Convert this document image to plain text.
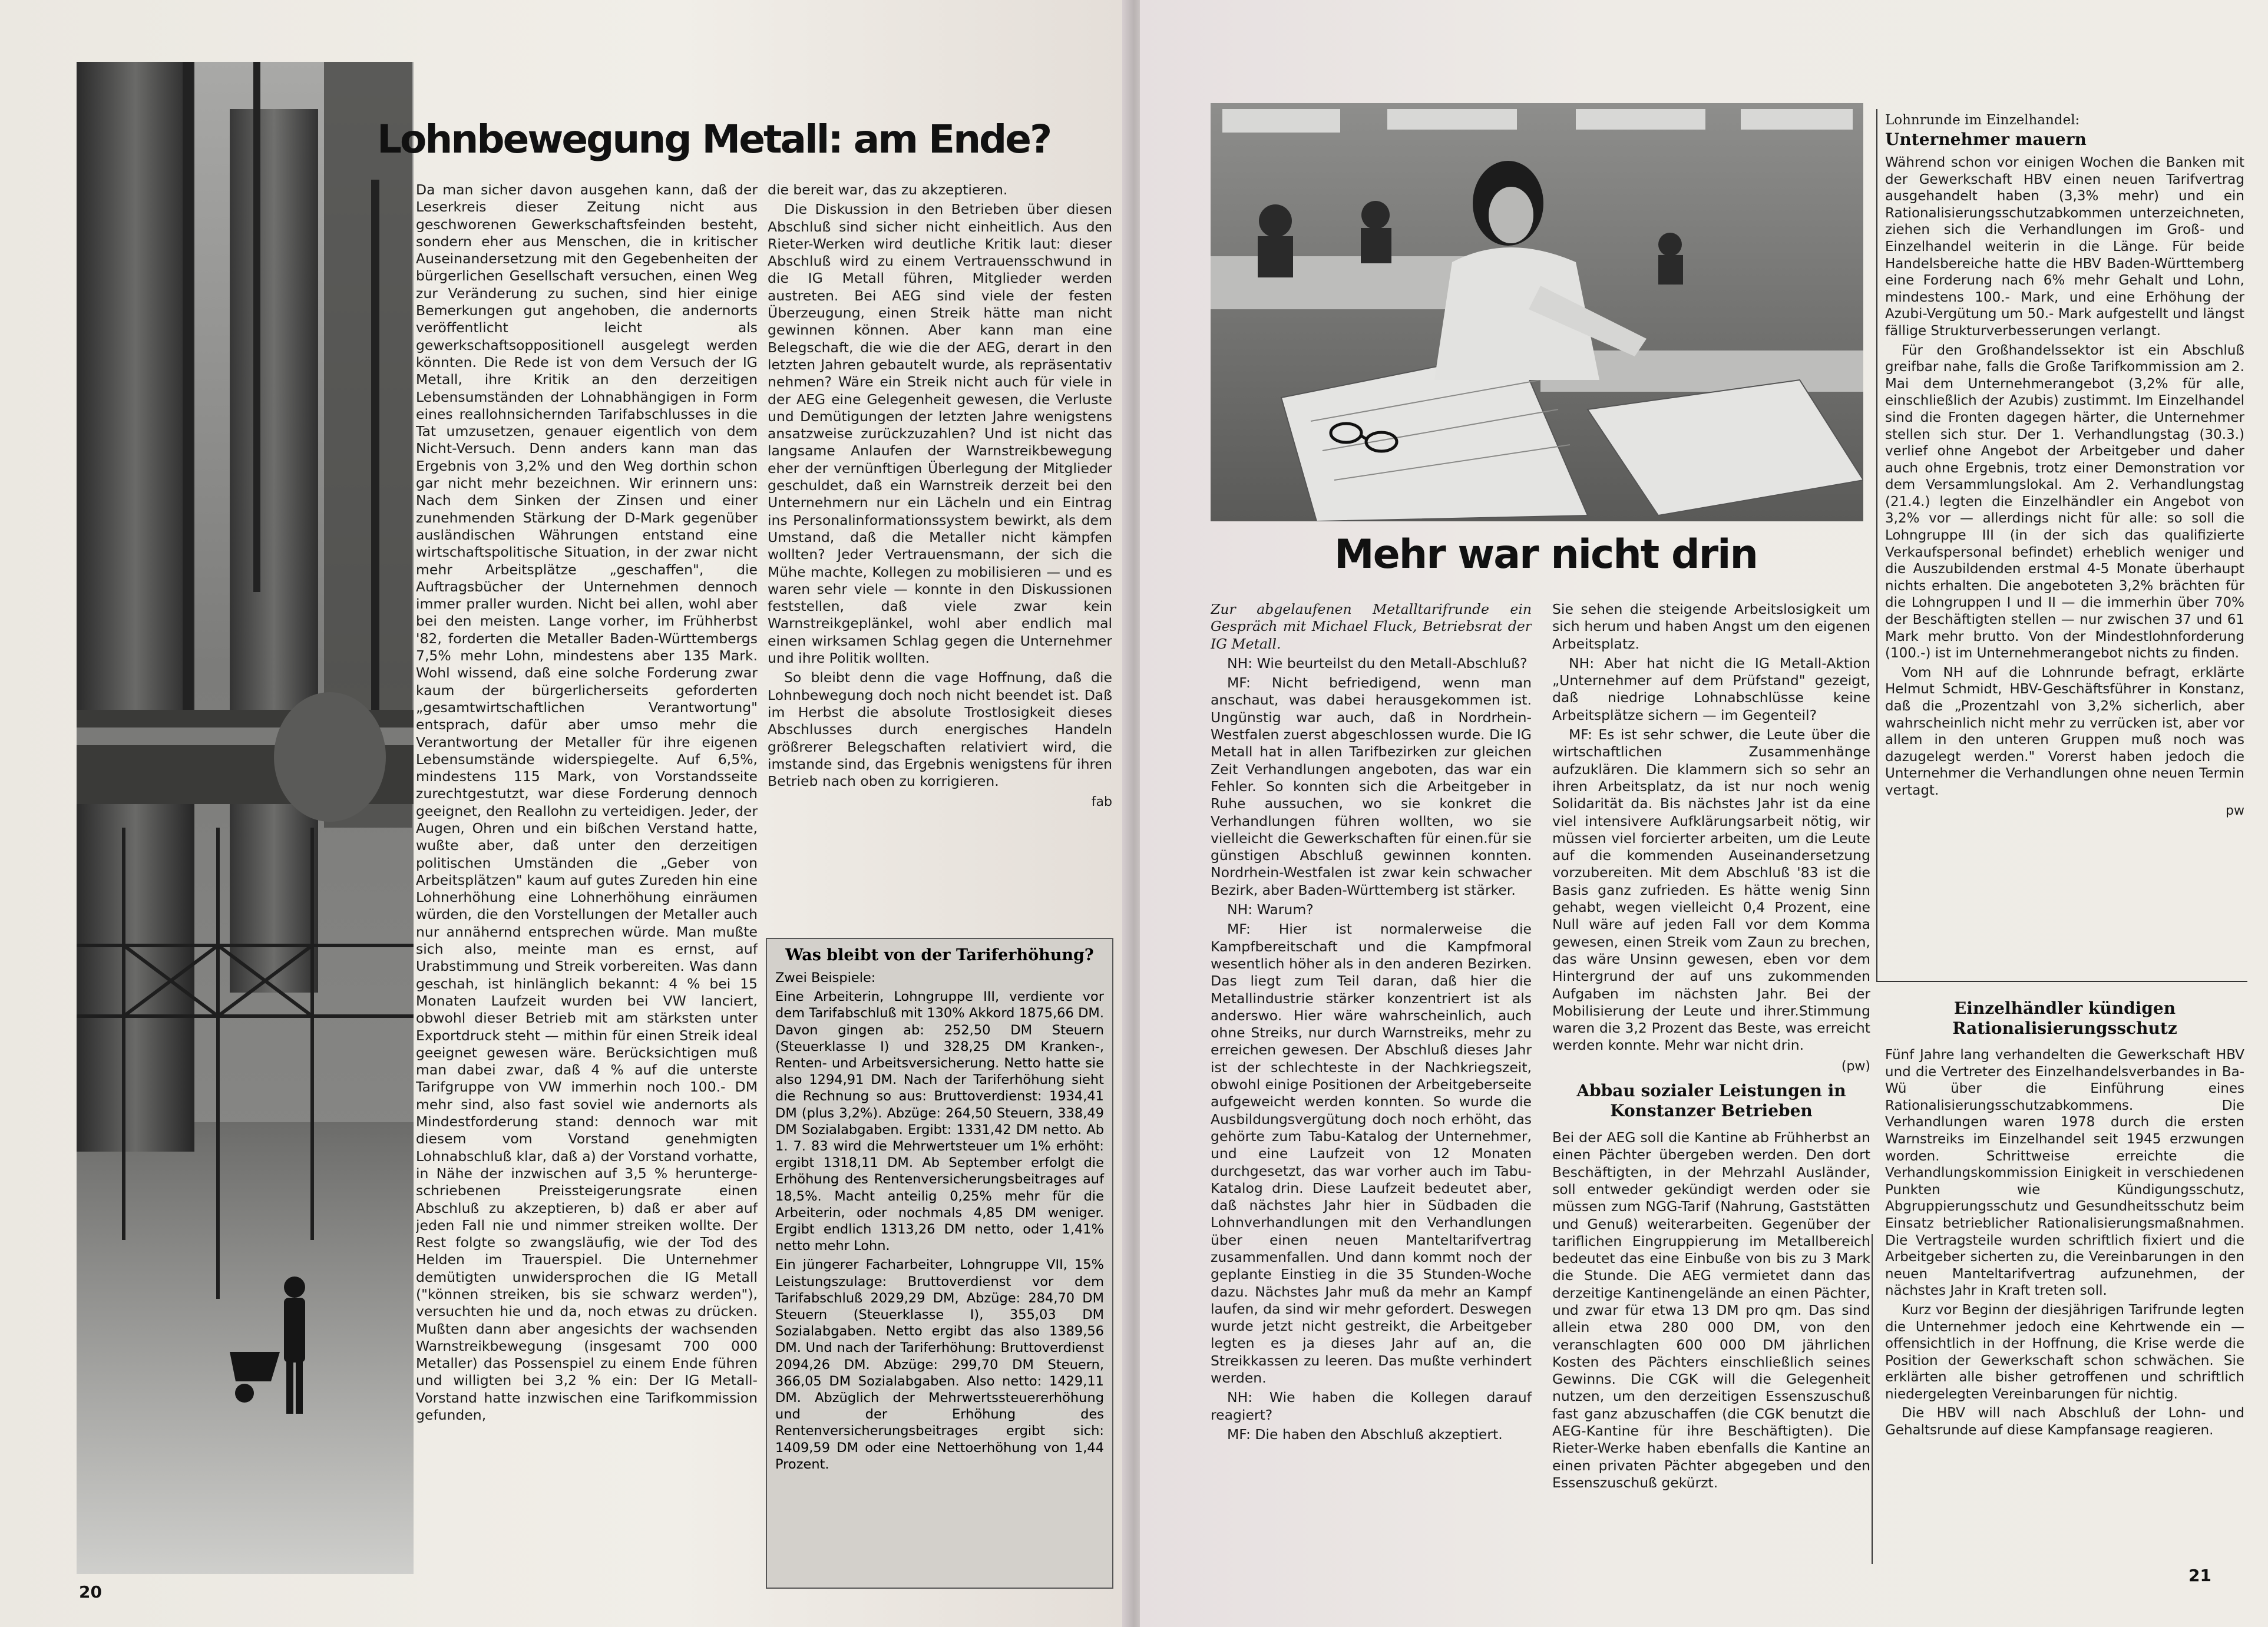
Lohnbewegung Metall: am Ende?

Da man sicher davon ausgehen kann, daß der Leserkreis dieser Zeitung nicht aus geschworenen Gewerkschaftsfeinden besteht, sondern eher aus Menschen, die in kritischer Auseinandersetzung mit den Gegebenheiten der bürgerlichen Gesellschaft versuchen, einen Weg zur Veränderung zu suchen, sind hier einige Bemerkungen gut angehoben, die andernorts veröffentlicht leicht als gewerkschaftsoppositionell ausgelegt werden könnten. Die Rede ist von dem Versuch der IG Metall, ihre Kritik an den derzeitigen Lebensumständen der Lohnabhängigen in Form eines reallohnsichernden Tarifabschlusses in die Tat umzusetzen, genauer eigentlich von dem Nicht-Versuch. Denn anders kann man das Ergebnis von 3,2% und den Weg dorthin schon gar nicht mehr bezeichnen. Wir erinnern uns: Nach dem Sinken der Zinsen und einer zunehmenden Stärkung der D-Mark gegenüber ausländischen Währungen entstand eine wirtschaftspolitische Situation, in der zwar nicht mehr Arbeitsplätze „geschaffen", die Auftragsbücher der Unternehmen dennoch immer praller wurden. Nicht bei allen, wohl aber bei den meisten. Lange vorher, im Frühherbst '82, forderten die Metaller Baden-Württembergs 7,5% mehr Lohn, mindestens aber 135 Mark. Wohl wissend, daß eine solche Forderung zwar kaum der bürgerlicherseits geforderten „gesamtwirtschaftlichen Verantwortung" entsprach, dafür aber umso mehr die Verantwortung der Metaller für ihre eigenen Lebensumstände widerspiegelte. Auf 6,5%, mindestens 115 Mark, von Vorstandsseite zurechtgestutzt, war diese Forderung dennoch geeignet, den Reallohn zu verteidigen. Jeder, der Augen, Ohren und ein bißchen Verstand hatte, wußte aber, daß unter den derzeitigen politischen Umständen die „Geber von Arbeitsplätzen" kaum auf gutes Zureden hin eine Lohnerhöhung eine Lohnerhöhung einräumen würden, die den Vorstellungen der Metaller auch nur annähernd entsprechen würde. Man mußte sich also, meinte man es ernst, auf Urabstimmung und Streik vorbereiten. Was dann geschah, ist hinlänglich bekannt: 4 % bei 15 Monaten Laufzeit wurden bei VW lanciert, obwohl dieser Betrieb mit am stärksten unter Exportdruck steht — mithin für einen Streik ideal geeignet gewesen wäre. Berücksichtigen muß man dabei zwar, daß 4 % auf die unterste Tarifgruppe von VW immerhin noch 100.- DM mehr sind, also fast soviel wie andernorts als Mindestforderung stand: dennoch war mit diesem vom Vorstand genehmigten Lohnabschluß klar, daß a) der Vorstand vorhatte, in Nähe der inzwischen auf 3,5 % heruntergeschriebenen Preissteigerungsrate einen Abschluß zu akzeptieren, b) daß er aber auf jeden Fall nie und nimmer streiken wollte. Der Rest folgte so zwangsläufig, wie der Tod des Helden im Trauerspiel. Die Unternehmer demütigten unwidersprochen die IG Metall ("können streiken, bis sie schwarz werden"), versuchten hie und da, noch etwas zu drücken. Mußten dann aber angesichts der wachsenden Warnstreikbewegung (insgesamt 700 000 Metaller) das Possenspiel zu einem Ende führen und willigten bei 3,2 % ein: Der IG Metall-Vorstand hatte inzwischen eine Tarifkommission gefunden,

die bereit war, das zu akzeptieren.

Die Diskussion in den Betrieben über diesen Abschluß sind sicher nicht einheitlich. Aus den Rieter-Werken wird deutliche Kritik laut: dieser Abschluß wird zu einem Vertrauensschwund in die IG Metall führen, Mitglieder werden austreten. Bei AEG sind viele der festen Überzeugung, einen Streik hätte man nicht gewinnen können. Aber kann man eine Belegschaft, die wie die der AEG, derart in den letzten Jahren gebautelt wurde, als repräsentativ nehmen? Wäre ein Streik nicht auch für viele in der AEG eine Gelegenheit gewesen, die Verluste und Demütigungen der letzten Jahre wenigstens ansatzweise zurückzuzahlen? Und ist nicht das langsame Anlaufen der Warnstreikbewegung eher der vernünftigen Überlegung der Mitglieder geschuldet, daß ein Warnstreik derzeit bei den Unternehmern nur ein Lächeln und ein Eintrag ins Personalinformationssystem bewirkt, als dem Umstand, daß die Metaller nicht kämpfen wollten? Jeder Vertrauensmann, der sich die Mühe machte, Kollegen zu mobilisieren — und es waren sehr viele — konnte in den Diskussionen feststellen, daß viele zwar kein Warnstreikgeplänkel, wohl aber endlich mal einen wirksamen Schlag gegen die Unternehmer und ihre Politik wollten.

So bleibt denn die vage Hoffnung, daß die Lohnbewegung doch noch nicht beendet ist. Daß im Herbst die absolute Trostlosigkeit dieses Abschlusses durch energisches Handeln größrerer Belegschaften relativiert wird, die imstande sind, das Ergebnis wenigstens für ihren Betrieb nach oben zu korrigieren.

fab
Was bleibt von der Tariferhöhung?

Zwei Beispiele:

Eine Arbeiterin, Lohngruppe III, verdiente vor dem Tarifabschluß mit 130% Akkord 1875,66 DM. Davon gingen ab: 252,50 DM Steuern (Steuerklasse I) und 328,25 DM Kranken-, Renten- und Arbeitsversicherung. Netto hatte sie also 1294,91 DM. Nach der Tariferhöhung sieht die Rechnung so aus: Bruttoverdienst: 1934,41 DM (plus 3,2%). Abzüge: 264,50 Steuern, 338,49 DM Sozialabgaben. Ergibt: 1331,42 DM netto. Ab 1. 7. 83 wird die Mehrwertsteuer um 1% erhöht: ergibt 1318,11 DM. Ab September erfolgt die Erhöhung des Rentenversicherungsbeitrages auf 18,5%. Macht anteilig 0,25% mehr für die Arbeiterin, oder nochmals 4,85 DM weniger. Ergibt endlich 1313,26 DM netto, oder 1,41% netto mehr Lohn.

Ein jüngerer Facharbeiter, Lohngruppe VII, 15% Leistungszulage: Bruttoverdienst vor dem Tarifabschluß 2029,29 DM, Abzüge: 284,70 DM Steuern (Steuerklasse I), 355,03 DM Sozialabgaben. Netto ergibt das also 1389,56 DM. Und nach der Tariferhöhung: Bruttoverdienst 2094,26 DM. Abzüge: 299,70 DM Steuern, 366,05 DM Sozialabgaben. Also netto: 1429,11 DM. Abzüglich der Mehrwertssteuererhöhung und der Erhöhung des Rentenversicherungsbeitrages ergibt sich: 1409,59 DM oder eine Nettoerhöhung von 1,44 Prozent.

20
Mehr war nicht drin

Zur abgelaufenen Metalltarifrunde ein Gespräch mit Michael Fluck, Betriebsrat der IG Metall.

NH: Wie beurteilst du den Metall-Abschluß?

MF: Nicht befriedigend, wenn man anschaut, was dabei herausgekommen ist. Ungünstig war auch, daß in Nordrhein-Westfalen zuerst abgeschlossen wurde. Die IG Metall hat in allen Tarifbezirken zur gleichen Zeit Verhandlungen angeboten, das war ein Fehler. So konnten sich die Arbeitgeber in Ruhe aussuchen, wo sie konkret die Verhandlungen führen wollten, wo sie vielleicht die Gewerkschaften für einen.für sie günstigen Abschluß gewinnen konnten. Nordrhein-Westfalen ist zwar kein schwacher Bezirk, aber Baden-Württemberg ist stärker.

NH: Warum?

MF: Hier ist normalerweise die Kampfbereitschaft und die Kampfmoral wesentlich höher als in den anderen Bezirken. Das liegt zum Teil daran, daß hier die Metallindustrie stärker konzentriert ist als anderswo. Hier wäre wahrscheinlich, auch ohne Streiks, nur durch Warnstreiks, mehr zu erreichen gewesen. Der Abschluß dieses Jahr ist der schlechteste in der Nachkriegszeit, obwohl einige Positionen der Arbeitgeberseite aufgeweicht werden konnten. So wurde die Ausbildungsvergütung doch noch erhöht, das gehörte zum Tabu-Katalog der Unternehmer, und eine Laufzeit von 12 Monaten durchgesetzt, das war vorher auch im Tabu-Katalog drin. Diese Laufzeit bedeutet aber, daß nächstes Jahr hier in Südbaden die Lohnverhandlungen mit den Verhandlungen über einen neuen Manteltarifvertrag zusammenfallen. Und dann kommt noch der geplante Einstieg in die 35 Stunden-Woche dazu. Nächstes Jahr muß da mehr an Kampf laufen, da sind wir mehr gefordert. Deswegen wurde jetzt nicht gestreikt, die Arbeitgeber legten es ja dieses Jahr auf an, die Streikkassen zu leeren. Das mußte verhindert werden.

NH: Wie haben die Kollegen darauf reagiert?

MF: Die haben den Abschluß akzeptiert.

Sie sehen die steigende Arbeitslosigkeit um sich herum und haben Angst um den eigenen Arbeitsplatz.

NH: Aber hat nicht die IG Metall-Aktion „Unternehmer auf dem Prüfstand" gezeigt, daß niedrige Lohnabschlüsse keine Arbeitsplätze sichern — im Gegenteil?

MF: Es ist sehr schwer, die Leute über die wirtschaftlichen Zusammenhänge aufzuklären. Die klammern sich so sehr an ihren Arbeitsplatz, da ist nur noch wenig Solidarität da. Bis nächstes Jahr ist da eine viel intensivere Aufklärungsarbeit nötig, wir müssen viel forcierter arbeiten, um die Leute auf die kommenden Auseinandersetzung vorzubereiten. Mit dem Abschluß '83 ist die Basis ganz zufrieden. Es hätte wenig Sinn gehabt, wegen vielleicht 0,4 Prozent, eine Null wäre auf jeden Fall vor dem Komma gewesen, einen Streik vom Zaun zu brechen, das wäre Unsinn gewesen, eben vor dem Hintergrund der auf uns zukommenden Aufgaben im nächsten Jahr. Bei der Mobilisierung der Leute und ihrer.Stimmung waren die 3,2 Prozent das Beste, was erreicht werden konnte. Mehr war nicht drin.

(pw)
Abbau sozialer Leistungen in Konstanzer Betrieben

Bei der AEG soll die Kantine ab Frühherbst an einen Pächter übergeben werden. Den dort Beschäftigten, in der Mehrzahl Ausländer, soll entweder gekündigt werden oder sie müssen zum NGG-Tarif (Nahrung, Gaststätten und Genuß) weiterarbeiten. Gegenüber der tariflichen Eingruppierung im Metallbereich bedeutet das eine Einbuße von bis zu 3 Mark die Stunde. Die AEG vermietet dann das derzeitige Kantinengelände an einen Pächter, und zwar für etwa 13 DM pro qm. Das sind allein etwa 280 000 DM, von den veranschlagten 600 000 DM jährlichen Kosten des Pächters einschließlich seines Gewinns. Die CGK will die Gelegenheit nutzen, um den derzeitigen Essenszuschuß fast ganz abzuschaffen (die CGK benutzt die AEG-Kantine für ihre Beschäftigten). Die Rieter-Werke haben ebenfalls die Kantine an einen privaten Pächter abgegeben und den Essenszuschuß gekürzt.

Lohnrunde im Einzelhandel:
Unternehmer mauern

Während schon vor einigen Wochen die Banken mit der Gewerkschaft HBV einen neuen Tarifvertrag ausgehandelt haben (3,3% mehr) und ein Rationalisierungsschutzabkommen unterzeichneten, ziehen sich die Verhandlungen im Groß- und Einzelhandel weiterin in die Länge. Für beide Handelsbereiche hatte die HBV Baden-Württemberg eine Forderung nach 6% mehr Gehalt und Lohn, mindestens 100.- Mark, und eine Erhöhung der Azubi-Vergütung um 50.- Mark aufgestellt und längst fällige Strukturverbesserungen verlangt.

Für den Großhandelssektor ist ein Abschluß greifbar nahe, falls die Große Tarifkommission am 2. Mai dem Unternehmerangebot (3,2% für alle, einschließlich der Azubis) zustimmt. Im Einzelhandel sind die Fronten dagegen härter, die Unternehmer stellen sich stur. Der 1. Verhandlungstag (30.3.) verlief ohne Angebot der Arbeitgeber und daher auch ohne Ergebnis, trotz einer Demonstration vor dem Versammlungslokal. Am 2. Verhandlungstag (21.4.) legten die Einzelhändler ein Angebot von 3,2% vor — allerdings nicht für alle: so soll die Lohngruppe III (in der sich das qualifizierte Verkaufspersonal befindet) erheblich weniger und die Auszubildenden erstmal 4-5 Monate überhaupt nichts erhalten. Die angeboteten 3,2% brächten für die Lohngruppen I und II — die immerhin über 70% der Beschäftigten stellen — nur zwischen 37 und 61 Mark mehr brutto. Von der Mindestlohnforderung (100.-) ist im Unternehmerangebot nichts zu finden.

Vom NH auf die Lohnrunde befragt, erklärte Helmut Schmidt, HBV-Geschäftsführer in Konstanz, daß die „Prozentzahl von 3,2% sicherlich, aber wahrscheinlich nicht mehr zu verrücken ist, aber vor allem in den unteren Gruppen muß noch was dazugelegt werden." Vorerst haben jedoch die Unternehmer die Verhandlungen ohne neuen Termin vertagt.

pw
Einzelhändler kündigen Rationalisierungsschutz

Fünf Jahre lang verhandelten die Gewerkschaft HBV und die Vertreter des Einzelhandelsverbandes in Ba-Wü über die Einführung eines Rationalisierungsschutzabkommens. Die Verhandlungen waren 1978 durch die ersten Warnstreiks im Einzelhandel seit 1945 erzwungen worden. Schrittweise erreichte die Verhandlungskommission Einigkeit in verschiedenen Punkten wie Kündigungsschutz, Abgruppierungsschutz und Gesundheitsschutz beim Einsatz betrieblicher Rationalisierungsmaßnahmen. Die Vertragsteile wurden schriftlich fixiert und die Arbeitgeber sicherten zu, die Vereinbarungen in den neuen Manteltarifvertrag aufzunehmen, der nächstes Jahr in Kraft treten soll.

Kurz vor Beginn der diesjährigen Tarifrunde legten die Unternehmer jedoch eine Kehrtwende ein — offensichtlich in der Hoffnung, die Krise werde die Position der Gewerkschaft schon schwächen. Sie erklärten alle bisher getroffenen und schriftlich niedergelegten Vereinbarungen für nichtig.

Die HBV will nach Abschluß der Lohn- und Gehaltsrunde auf diese Kampfansage reagieren.

21
